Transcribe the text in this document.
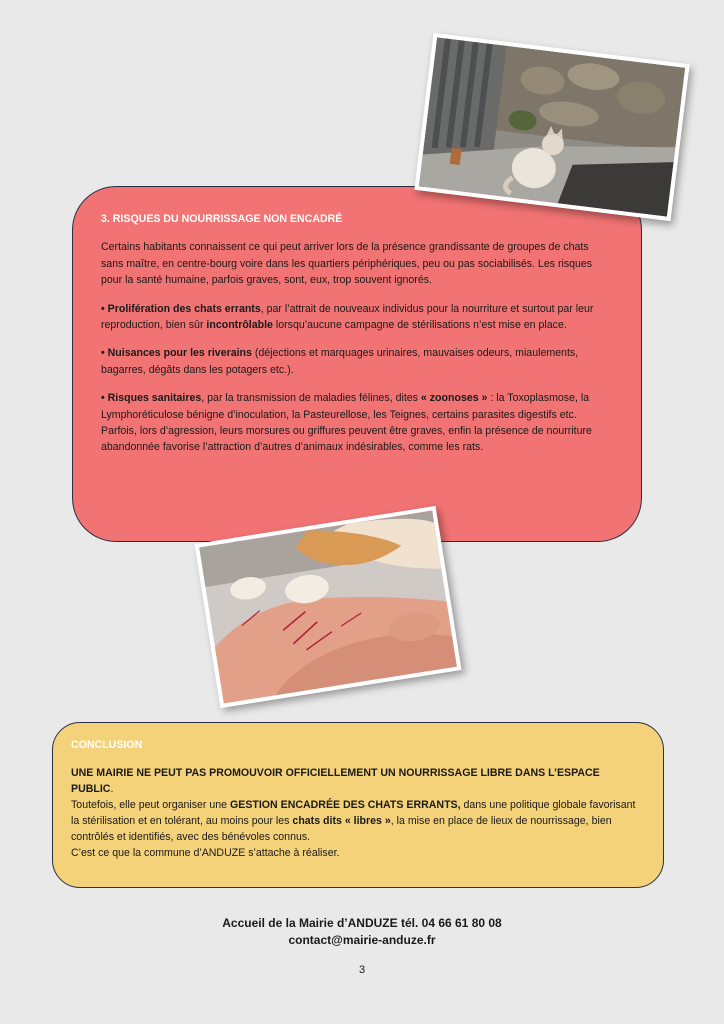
3. RISQUES DU NOURRISSAGE NON ENCADRÉ

Certains habitants connaissent ce qui peut arriver lors de la présence grandissante de groupes de chats sans maître, en centre-bourg voire dans les quartiers périphériques, peu ou pas sociabilisés. Les risques pour la santé humaine, parfois graves, sont, eux, trop souvent ignorés.

• Prolifération des chats errants, par l’attrait de nouveaux individus pour la nourriture et surtout par leur reproduction, bien sûr incontrôlable lorsqu’aucune campagne de stérilisations n’est mise en place.

• Nuisances pour les riverains (déjections et marquages urinaires, mauvaises odeurs, miaulements, bagarres, dégâts dans les potagers etc.).

• Risques sanitaires, par la transmission de maladies félines, dites « zoonoses » : la Toxoplasmose, la Lymphoréticulose bénigne d’inoculation, la Pasteurellose, les Teignes, certains parasites digestifs etc. Parfois, lors d’agression, leurs morsures ou griffures peuvent être graves, enfin la présence de nourriture abandonnée favorise l’attraction d’autres d’animaux indésirables, comme les rats.

CONCLUSION

UNE MAIRIE NE PEUT PAS PROMOUVOIR OFFICIELLEMENT UN NOURRISSAGE LIBRE DANS L’ESPACE PUBLIC.

Toutefois, elle peut organiser une GESTION ENCADRÉE DES CHATS ERRANTS, dans une politique globale favorisant la stérilisation et en tolérant, au moins pour les chats dits « libres », la mise en place de lieux de nourrissage, bien contrôlés et identifiés, avec des bénévoles connus.

C’est ce que la commune d’ANDUZE s’attache à réaliser.

Accueil de la Mairie d’ANDUZE tél. 04 66 61 80 08
contact@mairie-anduze.fr
3
